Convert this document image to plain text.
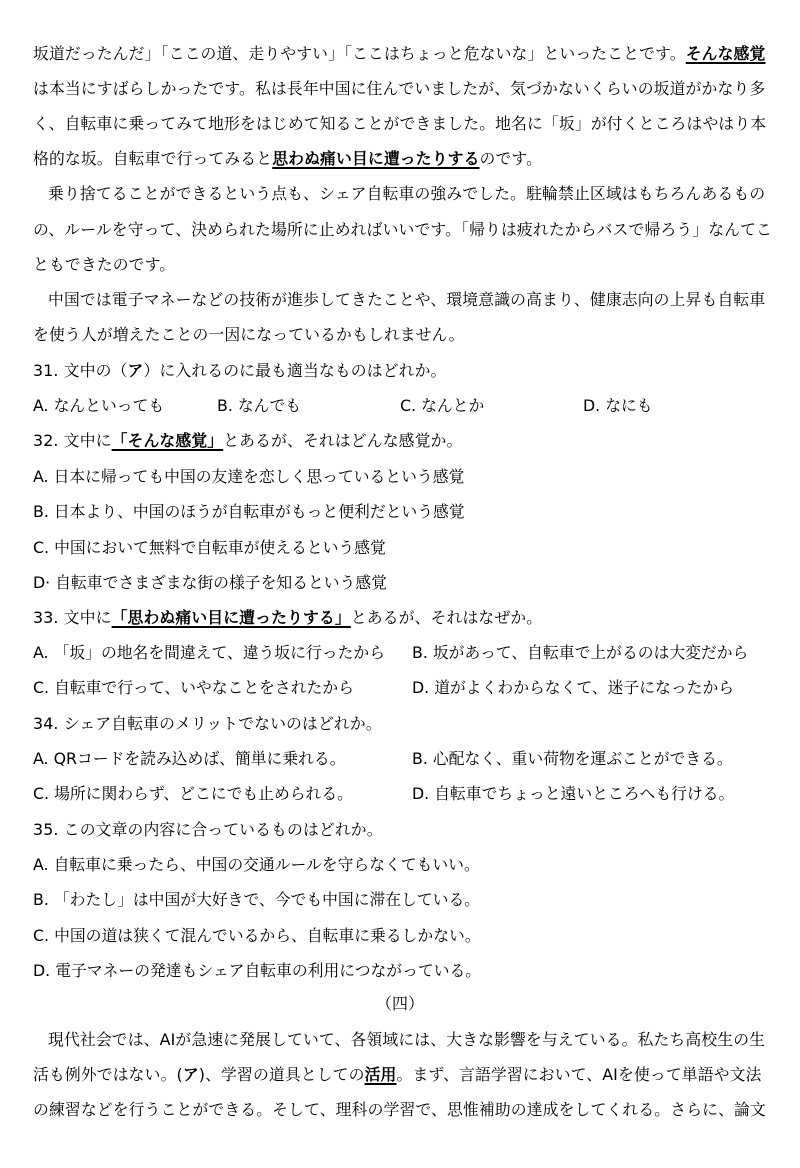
坂道だったんだ」「ここの道、走りやすい」「ここはちょっと危ないな」といったことです。そんな感覚
は本当にすばらしかったです。私は長年中国に住んでいましたが、気づかないくらいの坂道がかなり多
く、自転車に乗ってみて地形をはじめて知ることができました。地名に「坂」が付くところはやはり本
格的な坂。自転車で行ってみると思わぬ痛い目に遭ったりするのです。
乗り捨てることができるという点も、シェア自転車の強みでした。駐輪禁止区域はもちろんあるもの
の、ルールを守って、決められた場所に止めればいいです。「帰りは疲れたからバスで帰ろう」なんてこ
ともできたのです。
中国では電子マネーなどの技術が進歩してきたことや、環境意識の高まり、健康志向の上昇も自転車
を使う人が増えたことの一因になっているかもしれません。
31. 文中の（ア）に入れるのに最も適当なものはどれか。
A. なんといっても	B. なんでも	C. なんとか	D. なにも
32. 文中に「そんな感覚」とあるが、それはどんな感覚か。
A. 日本に帰っても中国の友達を恋しく思っているという感覚
B. 日本より、中国のほうが自転車がもっと便利だという感覚
C. 中国において無料で自転車が使えるという感覚
D· 自転車でさまざまな街の様子を知るという感覚
33. 文中に「思わぬ痛い目に遭ったりする」とあるが、それはなぜか。
A. 「坂」の地名を間違えて、違う坂に行ったから B. 坂があって、自転車で上がるのは大変だから
C. 自転車で行って、いやなことをされたから	D. 道がよくわからなくて、迷子になったから
34. シェア自転車のメリットでないのはどれか。
A. QRコードを読み込めば、簡単に乗れる。	B. 心配なく、重い荷物を運ぶことができる。
C. 場所に関わらず、どこにでも止められる。	D. 自転車でちょっと遠いところへも行ける。
35. この文章の内容に合っているものはどれか。
A. 自転車に乗ったら、中国の交通ルールを守らなくてもいい。
B. 「わたし」は中国が大好きで、今でも中国に滞在している。
C. 中国の道は狭くて混んでいるから、自転車に乗るしかない。
D. 電子マネーの発達もシェア自転車の利用につながっている。
（四）
現代社会では、AIが急速に発展していて、各領域には、大きな影響を与えている。私たち高校生の生
活も例外ではない。(ア)、学習の道具としての活用。まず、言語学習において、AIを使って単語や文法
の練習などを行うことができる。そして、理科の学習で、思惟補助の達成をしてくれる。さらに、論文
